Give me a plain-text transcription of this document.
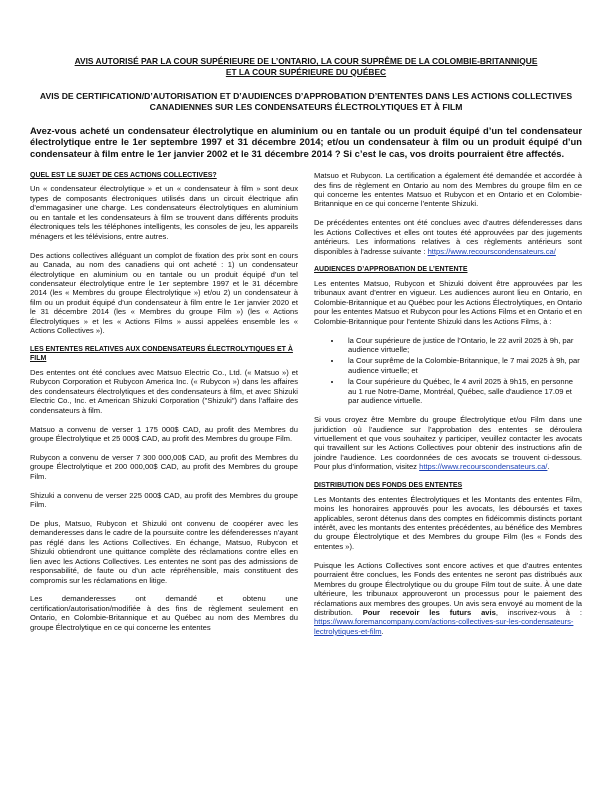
AVIS AUTORISÉ PAR LA COUR SUPÉRIEURE DE L’ONTARIO, LA COUR SUPRÊME DE LA COLOMBIE-BRITANNIQUE

ET LA COUR SUPÉRIEURE DU QUÉBEC

AVIS DE CERTIFICATION/D’AUTORISATION ET D’AUDIENCES D’APPROBATION D’ENTENTES DANS LES ACTIONS COLLECTIVES CANADIENNES SUR LES CONDENSATEURS ÉLECTROLYTIQUES ET À FILM

Avez-vous acheté un condensateur électrolytique en aluminium ou en tantale ou un produit équipé d’un tel condensateur électrolytique entre le 1er septembre 1997 et 31 décembre 2014; et/ou un condensateur à film ou un produit équipé d’un condensateur à film entre le 1er janvier 2002 et le 31 décembre 2014 ? Si c’est le cas, vos droits pourraient être affectés.

QUEL EST LE SUJET DE CES ACTIONS COLLECTIVES?

Un « condensateur électrolytique » et un « condensateur à film » sont deux types de composants électroniques utilisés dans un circuit électrique afin d’emmagasiner une charge. Les condensateurs électrolytiques en aluminium ou en tantale et les condensateurs à film se trouvent dans différents produits électroniques tels les téléphones intelligents, les consoles de jeu, les appareils ménagers et les télévisions, entre autres.

Des actions collectives alléguant un complot de fixation des prix sont en cours au Canada, au nom des canadiens qui ont acheté : 1) un condensateur électrolytique en aluminium ou en tantale ou un produit équipé d’un tel condensateur électrolytique entre le 1er septembre 1997 et le 31 décembre 2014 (les « Membres du groupe Électrolytique ») et/ou 2) un condensateur à film ou un produit équipé d’un condensateur à film entre le 1er janvier 2020 et le 31 décembre 2014 (les « Membres du groupe Film ») (les « Actions Électrolytiques » et les « Actions Films » aussi appelées ensemble les « Actions Collectives »).

LES ENTENTES RELATIVES AUX CONDENSATEURS ÉLECTROLYTIQUES ET À FILM

Des ententes ont été conclues avec Matsuo Electric Co., Ltd. (« Matsuo ») et Rubycon Corporation et Rubycon America Inc. (« Rubycon ») dans les affaires des condensateurs électrolytiques et des condensateurs à film, et avec Shizuki Electric Co., Inc. et American Shizuki Corporation ("Shizuki") dans l'affaire des condensateurs à film.

Matsuo a convenu de verser 1 175 000$ CAD, au profit des Membres du groupe Électrolytique et 25 000$ CAD, au profit des Membres du groupe Film.

Rubycon a convenu de verser 7 300 000,00$ CAD, au profit des Membres du groupe Électrolytique et 200 000,00$ CAD, au profit des Membres du groupe Film.

Shizuki a convenu de verser 225 000$ CAD, au profit des Membres du groupe Film.

De plus, Matsuo, Rubycon et Shizuki ont convenu de coopérer avec les demanderesses dans le cadre de la poursuite contre les défenderesses n’ayant pas réglé dans les Actions Collectives. En échange, Matsuo, Rubycon et Shizuki obtiendront une quittance complète des réclamations contre elles en lien avec les Actions Collectives. Les ententes ne sont pas des admissions de responsabilité, de faute ou d’un acte répréhensible, mais constituent des compromis sur les réclamations en litige.

Les demanderesses ont demandé et obtenu une certification/autorisation/modifiée à des fins de règlement seulement en Ontario, en Colombie-Britannique et au Québec au nom des Membres du groupe Électrolytique en ce qui concerne les ententes

Matsuo et Rubycon. La certification a également été demandée et accordée à des fins de règlement en Ontario au nom des Membres du groupe film en ce qui concerne les ententes Matsuo et Rubycon et en Ontario et en Colombie-Britannique en ce qui concerne l’entente Shizuki.

De précédentes ententes ont été conclues avec d’autres défenderesses dans les Actions Collectives et elles ont toutes été approuvées par des jugements antérieurs. Les informations relatives à ces règlements antérieurs sont disponibles à l’adresse suivante : https://www.recourscondensateurs.ca/

AUDIENCES D’APPROBATION DE L’ENTENTE

Les ententes Matsuo, Rubycon et Shizuki doivent être approuvées par les tribunaux avant d’entrer en vigueur. Les audiences auront lieu en Ontario, en Colombie-Britannique et au Québec pour les Actions Électrolytiques, en Ontario pour les ententes Matsuo et Rubycon pour les Actions Films et en Ontario et en Colombie-Britannique pour l’entente Shizuki dans les Actions Films, à :

• la Cour supérieure de justice de l’Ontario, le 22 avril 2025 à 9h, par audience virtuelle;
• la Cour suprême de la Colombie-Britannique, le 7 mai 2025 à 9h, par audience virtuelle; et
• la Cour supérieure du Québec, le 4 avril 2025 à 9h15, en personne au 1 rue Notre-Dame, Montréal, Québec, salle d'audience 17.09 et par audience virtuelle.

Si vous croyez être Membre du groupe Électrolytique et/ou Film dans une juridiction où l’audience sur l’approbation des ententes se déroulera virtuellement et que vous souhaitez y participer, veuillez contacter les avocats qui travaillent sur les Actions Collectives pour obtenir des instructions afin de joindre l’audience. Les coordonnées de ces avocats se trouvent ci-dessous. Pour plus d’information, visitez https://www.recourscondensateurs.ca/.

DISTRIBUTION DES FONDS DES ENTENTES

Les Montants des ententes Électrolytiques et les Montants des ententes Film, moins les honoraires approuvés pour les avocats, les déboursés et taxes applicables, seront détenus dans des comptes en fidéicommis distincts portant intérêt, avec les montants des ententes précédentes, au bénéfice des Membres du groupe Électrolytique et des Membres du groupe Film (les « Fonds des ententes »).

Puisque les Actions Collectives sont encore actives et que d’autres ententes pourraient être conclues, les Fonds des ententes ne seront pas distribués aux Membres du groupe Électrolytique ou du groupe Film tout de suite. À une date ultérieure, les tribunaux approuveront un processus pour le paiement des réclamations aux membres des groupes. Un avis sera envoyé au moment de la distribution. Pour recevoir les futurs avis, inscrivez-vous à : https://www.foremancompany.com/actions-collectives-sur-les-condensateurs-lectrolytiques-et-film.
